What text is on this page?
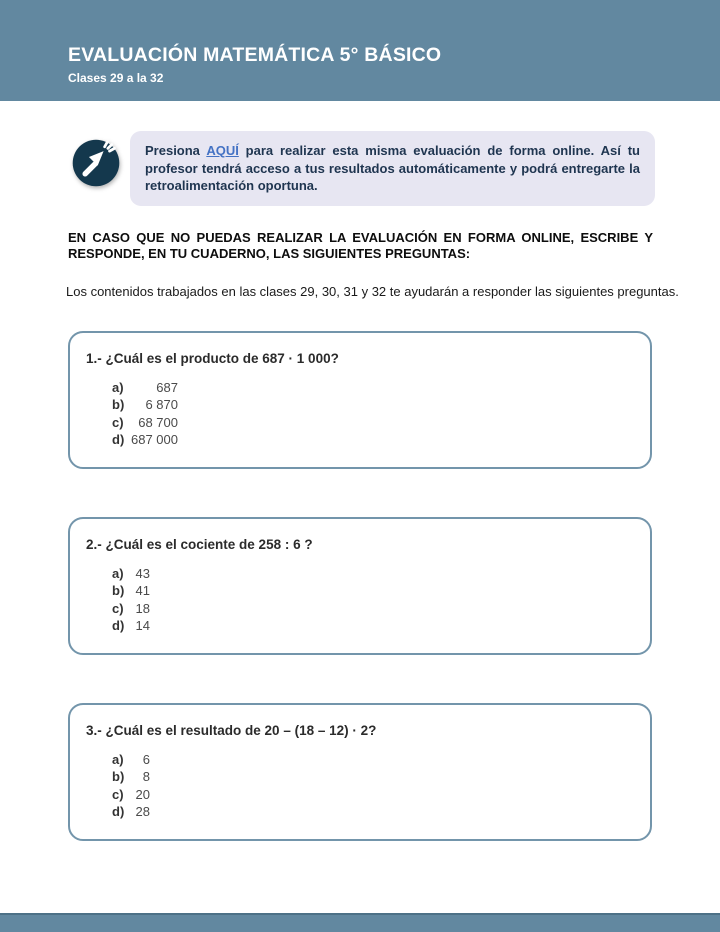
EVALUACIÓN MATEMÁTICA 5° BÁSICO
Clases 29 a la 32

Presiona AQUÍ para realizar esta misma evaluación de forma online. Así tu profesor tendrá acceso a tus resultados automáticamente y podrá entregarte la retroalimentación oportuna.

EN CASO QUE NO PUEDAS REALIZAR LA EVALUACIÓN EN FORMA ONLINE, ESCRIBE Y RESPONDE, EN TU CUADERNO, LAS SIGUIENTES PREGUNTAS:

Los contenidos trabajados en las clases 29, 30, 31 y 32 te ayudarán a responder las siguientes preguntas.

1.- ¿Cuál es el producto de 687 · 1 000?
a)	687
b)	6 870
c)	68 700
d) 687 000
2.- ¿Cuál es el cociente de 258 : 6 ?
a) 43
b) 41
c) 18
d) 14
3.- ¿Cuál es el resultado de 20 – (18 – 12) · 2?
a)	6
b)	8
c) 20
d) 28
